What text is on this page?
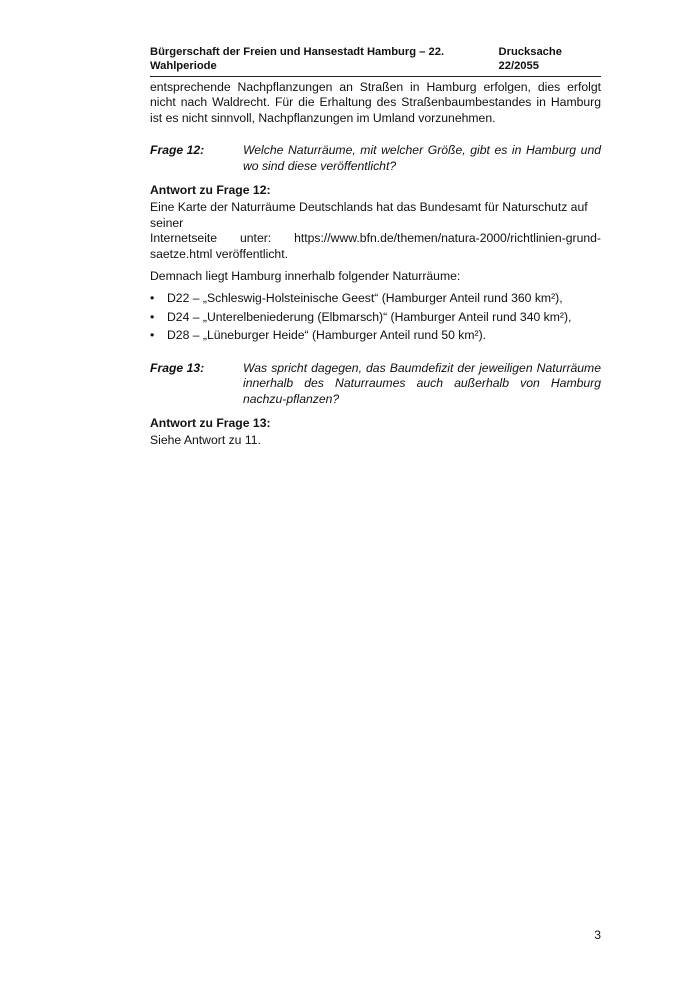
Bürgerschaft der Freien und Hansestadt Hamburg – 22. Wahlperiode
Drucksache 22/2055

entsprechende Nachpflanzungen an Straßen in Hamburg erfolgen, dies erfolgt nicht nach Waldrecht. Für die Erhaltung des Straßenbaumbestandes in Hamburg ist es nicht sinnvoll, Nachpflanzungen im Umland vorzunehmen.

Frage 12:	Welche Naturräume, mit welcher Größe, gibt es in Hamburg und wo sind diese veröffentlicht?
Antwort zu Frage 12:
Eine Karte der Naturräume Deutschlands hat das Bundesamt für Naturschutz auf seiner
Internetseite unter: https://www.bfn.de/themen/natura-2000/richtlinien-grund-
saetze.html veröffentlicht.

Demnach liegt Hamburg innerhalb folgender Naturräume:

•	D22 – „Schleswig-Holsteinische Geest“ (Hamburger Anteil rund 360 km²),
•	D24 – „Unterelbeniederung (Elbmarsch)“ (Hamburger Anteil rund 340 km²),
•	D28 – „Lüneburger Heide“ (Hamburger Anteil rund 50 km²).
Frage 13:	Was spricht dagegen, das Baumdefizit der jeweiligen Naturräume innerhalb des Naturraumes auch außerhalb von Hamburg nachzu-pflanzen?
Antwort zu Frage 13:

Siehe Antwort zu 11.

3
